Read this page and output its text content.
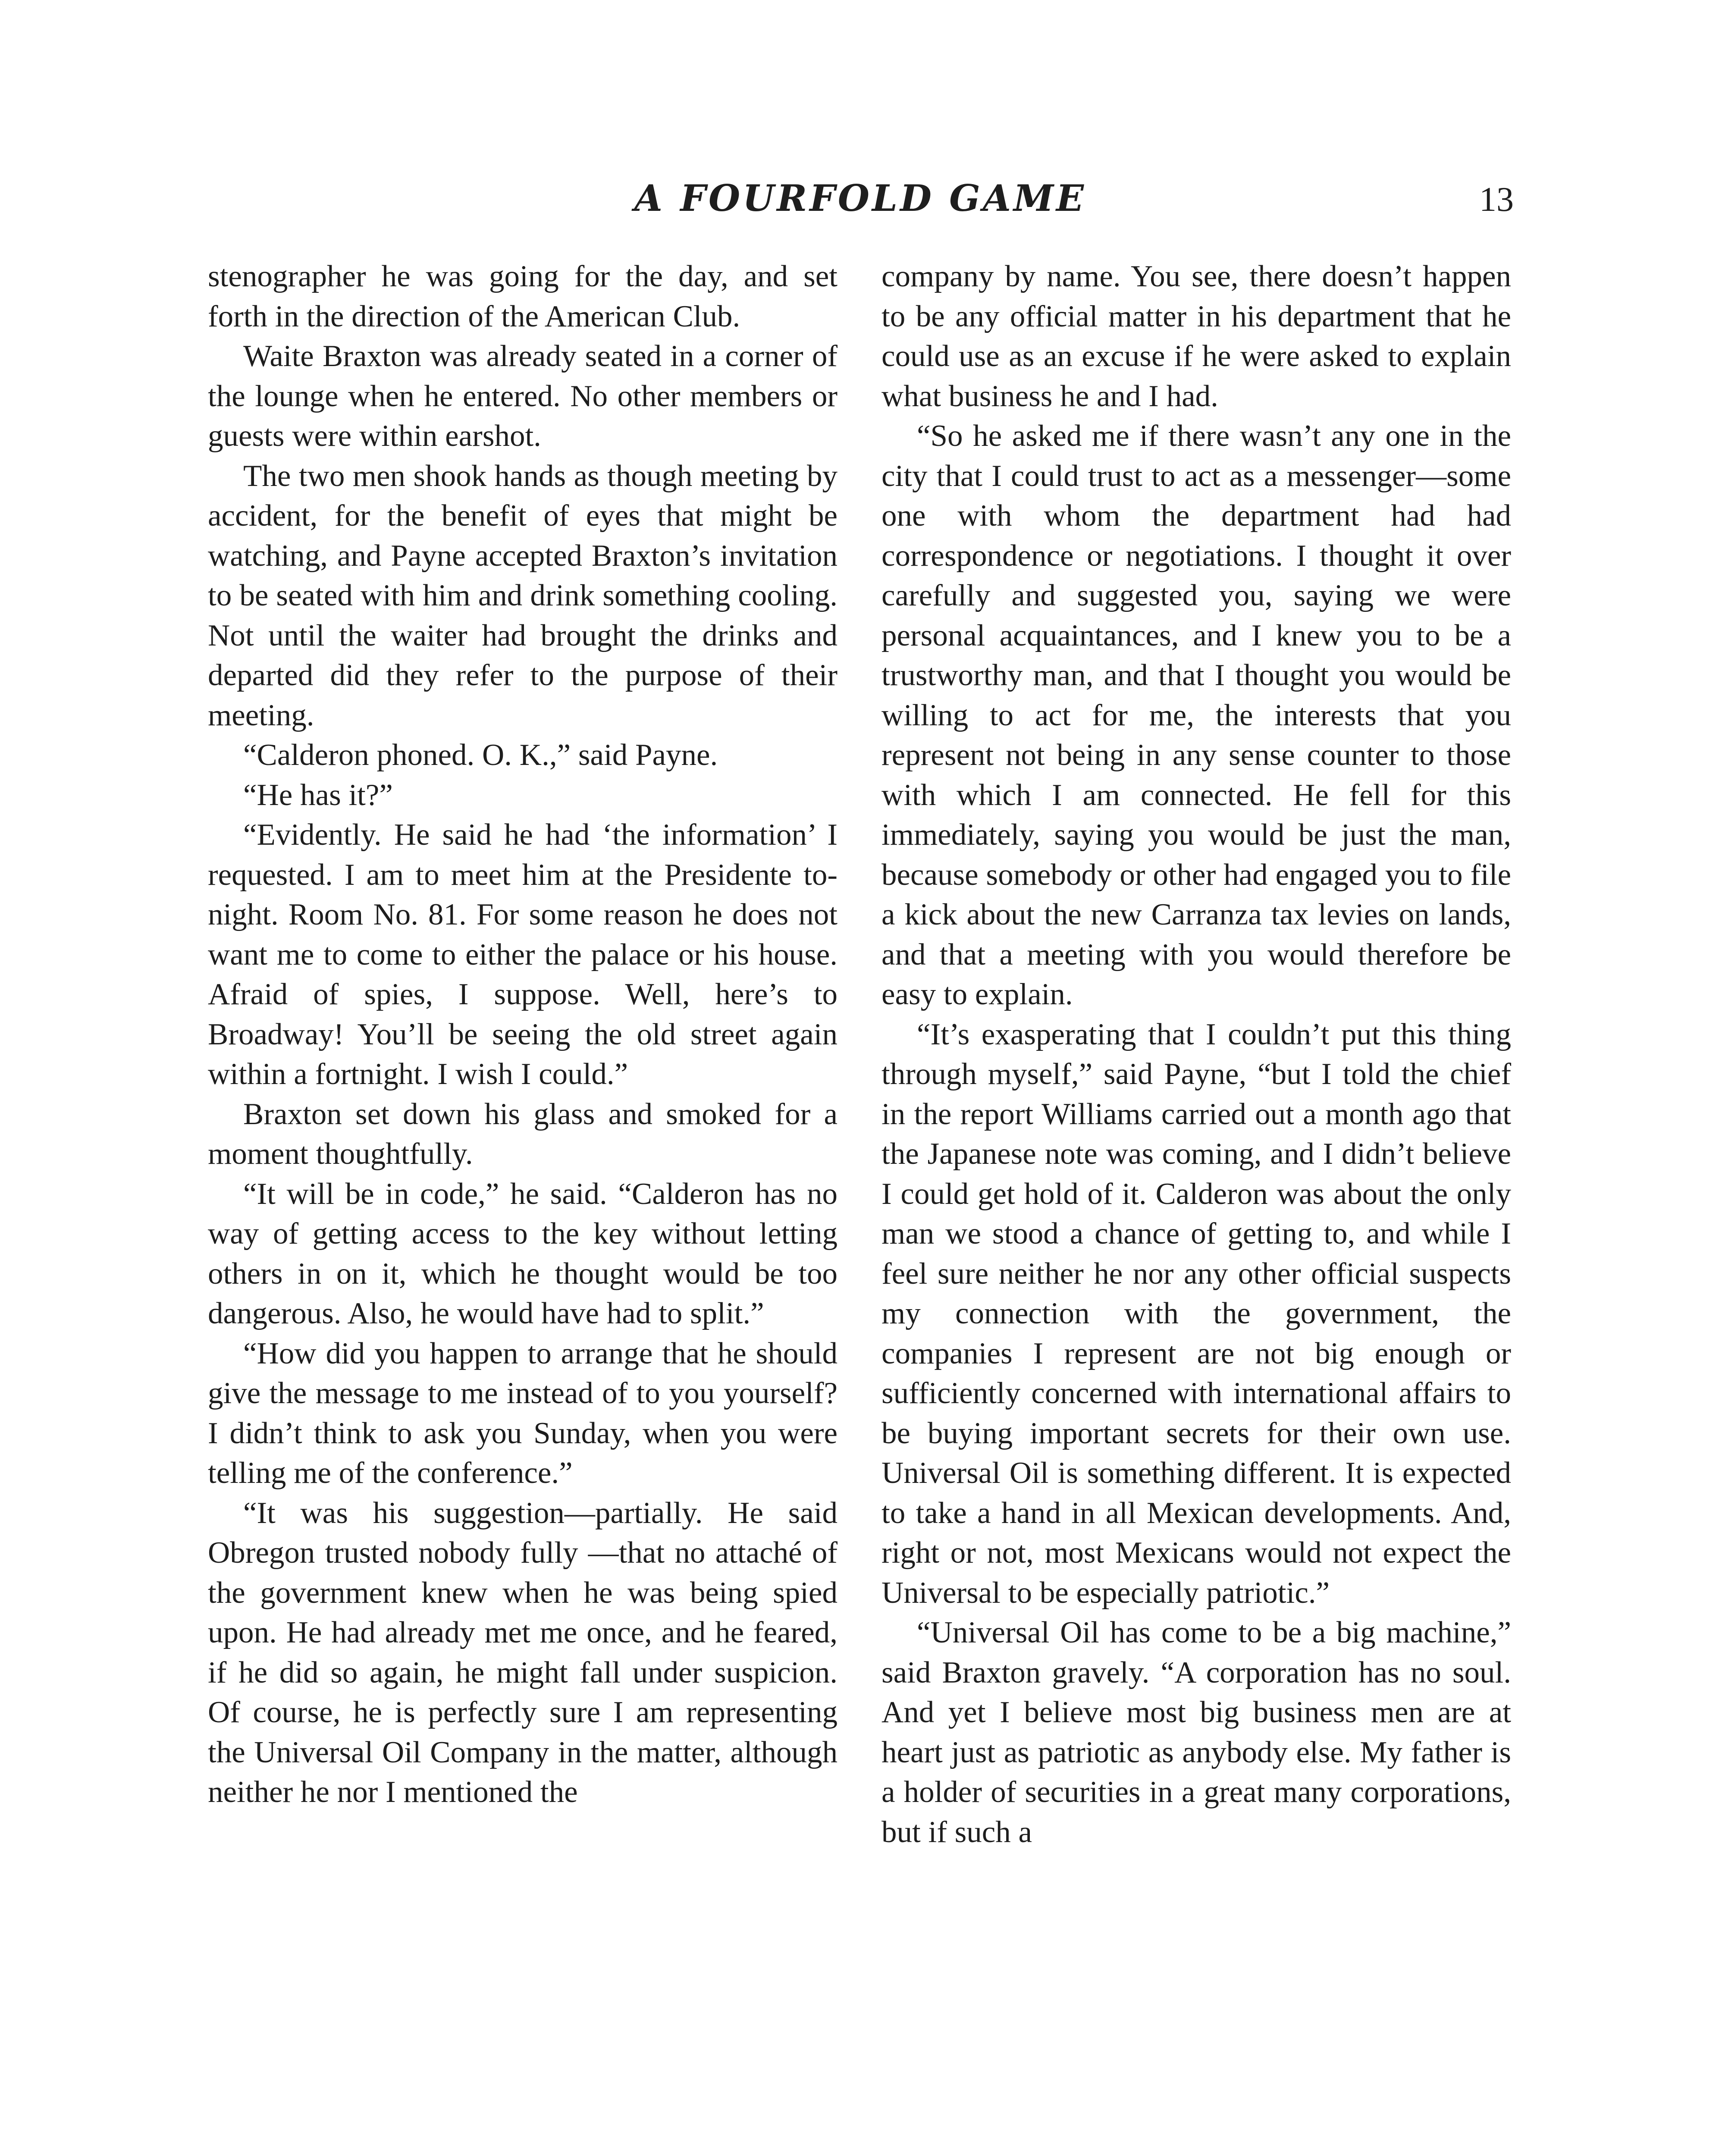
A FOURFOLD GAME	13

stenographer he was going for the day, and set forth in the direction of the American Club.

Waite Braxton was already seated in a corner of the lounge when he entered. No other members or guests were within earshot.

The two men shook hands as though meeting by accident, for the benefit of eyes that might be watching, and Payne accepted Braxton’s invitation to be seated with him and drink something cooling. Not until the waiter had brought the drinks and departed did they refer to the purpose of their meeting.

“Calderon phoned. O. K.,” said Payne.

“He has it?”

“Evidently. He said he had ‘the information’ I requested. I am to meet him at the Presidente to-night. Room No. 81. For some reason he does not want me to come to either the palace or his house. Afraid of spies, I suppose. Well, here’s to Broadway! You’ll be seeing the old street again within a fortnight. I wish I could.”

Braxton set down his glass and smoked for a moment thoughtfully.

“It will be in code,” he said. “Calderon has no way of getting access to the key without letting others in on it, which he thought would be too dangerous. Also, he would have had to split.”

“How did you happen to arrange that he should give the message to me instead of to you yourself? I didn’t think to ask you Sunday, when you were telling me of the conference.”

“It was his suggestion—partially. He said Obregon trusted nobody fully —that no attaché of the government knew when he was being spied upon. He had already met me once, and he feared, if he did so again, he might fall under suspicion. Of course, he is perfectly sure I am representing the Universal Oil Company in the matter, although neither he nor I mentioned the

company by name. You see, there doesn’t happen to be any official matter in his department that he could use as an excuse if he were asked to explain what business he and I had.

“So he asked me if there wasn’t any one in the city that I could trust to act as a messenger—some one with whom the department had had correspondence or negotiations. I thought it over carefully and suggested you, saying we were personal acquaintances, and I knew you to be a trustworthy man, and that I thought you would be willing to act for me, the interests that you represent not being in any sense counter to those with which I am connected. He fell for this immediately, saying you would be just the man, because somebody or other had engaged you to file a kick about the new Carranza tax levies on lands, and that a meeting with you would therefore be easy to explain.

“It’s exasperating that I couldn’t put this thing through myself,” said Payne, “but I told the chief in the report Williams carried out a month ago that the Japanese note was coming, and I didn’t believe I could get hold of it. Calderon was about the only man we stood a chance of getting to, and while I feel sure neither he nor any other official suspects my connection with the government, the companies I represent are not big enough or sufficiently concerned with international affairs to be buying important secrets for their own use. Universal Oil is something different. It is expected to take a hand in all Mexican developments. And, right or not, most Mexicans would not expect the Universal to be especially patriotic.”

“Universal Oil has come to be a big machine,” said Braxton gravely. “A corporation has no soul. And yet I believe most big business men are at heart just as patriotic as anybody else. My father is a holder of securities in a great many corporations, but if such a
